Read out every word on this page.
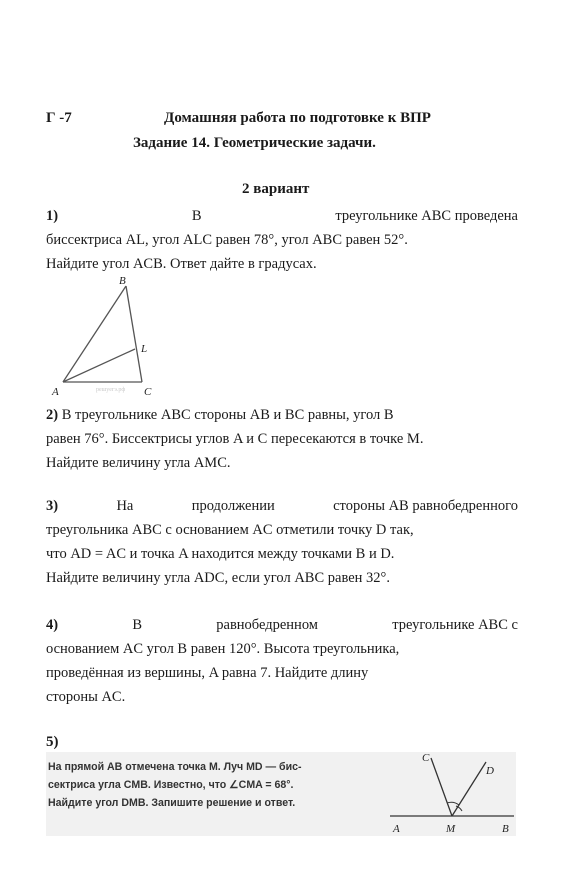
Г -7	Домашняя работа по подготовке к ВПР
Задание 14. Геометрические задачи.
2 вариант
1)	В	треугольнике ABC проведена
биссектриса AL, угол ALC равен 78°, угол ABC равен 52°.
Найдите угол ACB. Ответ дайте в градусах.
2) В треугольнике ABC стороны AB и BC равны, угол B
равен 76°. Биссектрисы углов A и C пересекаются в точке M.
Найдите величину угла AMC.
3)	На	продолжении	стороны AB равнобедренного
треугольника ABC с основанием AC отметили точку D так,
что AD = AC и точка A находится между точками B и D.
Найдите величину угла ADC, если угол ABC равен 32°.
4)	В	равнобедренном	треугольнике ABC с
основанием AC угол B равен 120°. Высота треугольника,
проведённая из вершины, A равна 7. Найдите длину
стороны AC.
B
L
A	C
решуегэ.рф
5)
На прямой AB отмечена точка M. Луч MD — бис-
сектриса угла CMB. Известно, что ∠CMA = 68°.
Найдите угол DMB. Запишите решение и ответ.
C
D
A	M	B
